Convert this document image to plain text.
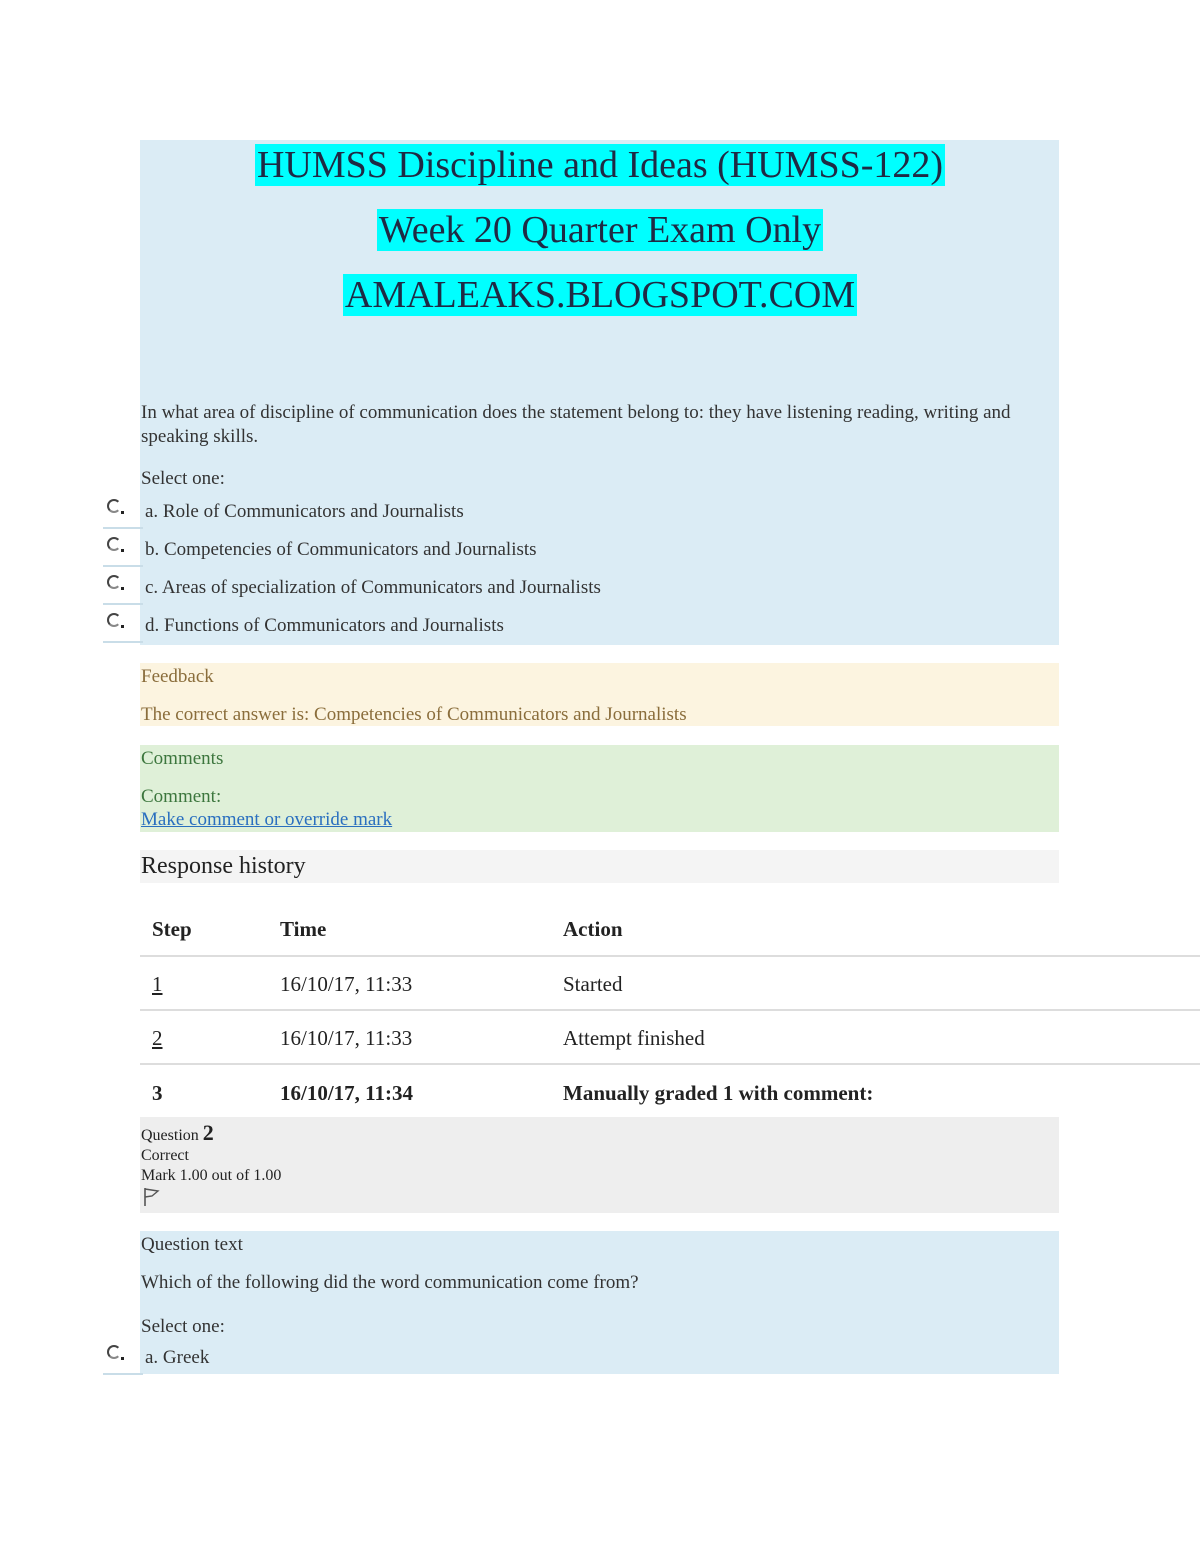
HUMSS Discipline and Ideas (HUMSS-122)
Week 20 Quarter Exam Only
AMALEAKS.BLOGSPOT.COM
In what area of discipline of communication does the statement belong to: they have listening reading, writing and speaking skills.
Select one:
a. Role of Communicators and Journalists
b. Competencies of Communicators and Journalists
c. Areas of specialization of Communicators and Journalists
d. Functions of Communicators and Journalists
Feedback
The correct answer is: Competencies of Communicators and Journalists
Comments
Comment:
Make comment or override mark
Response history
Step	Time	Action
1	16/10/17, 11:33	Started
2	16/10/17, 11:33	Attempt finished
3	16/10/17, 11:34	Manually graded 1 with comment:
Question 2
Correct
Mark 1.00 out of 1.00
Question text
Which of the following did the word communication come from?
Select one:
a. Greek
